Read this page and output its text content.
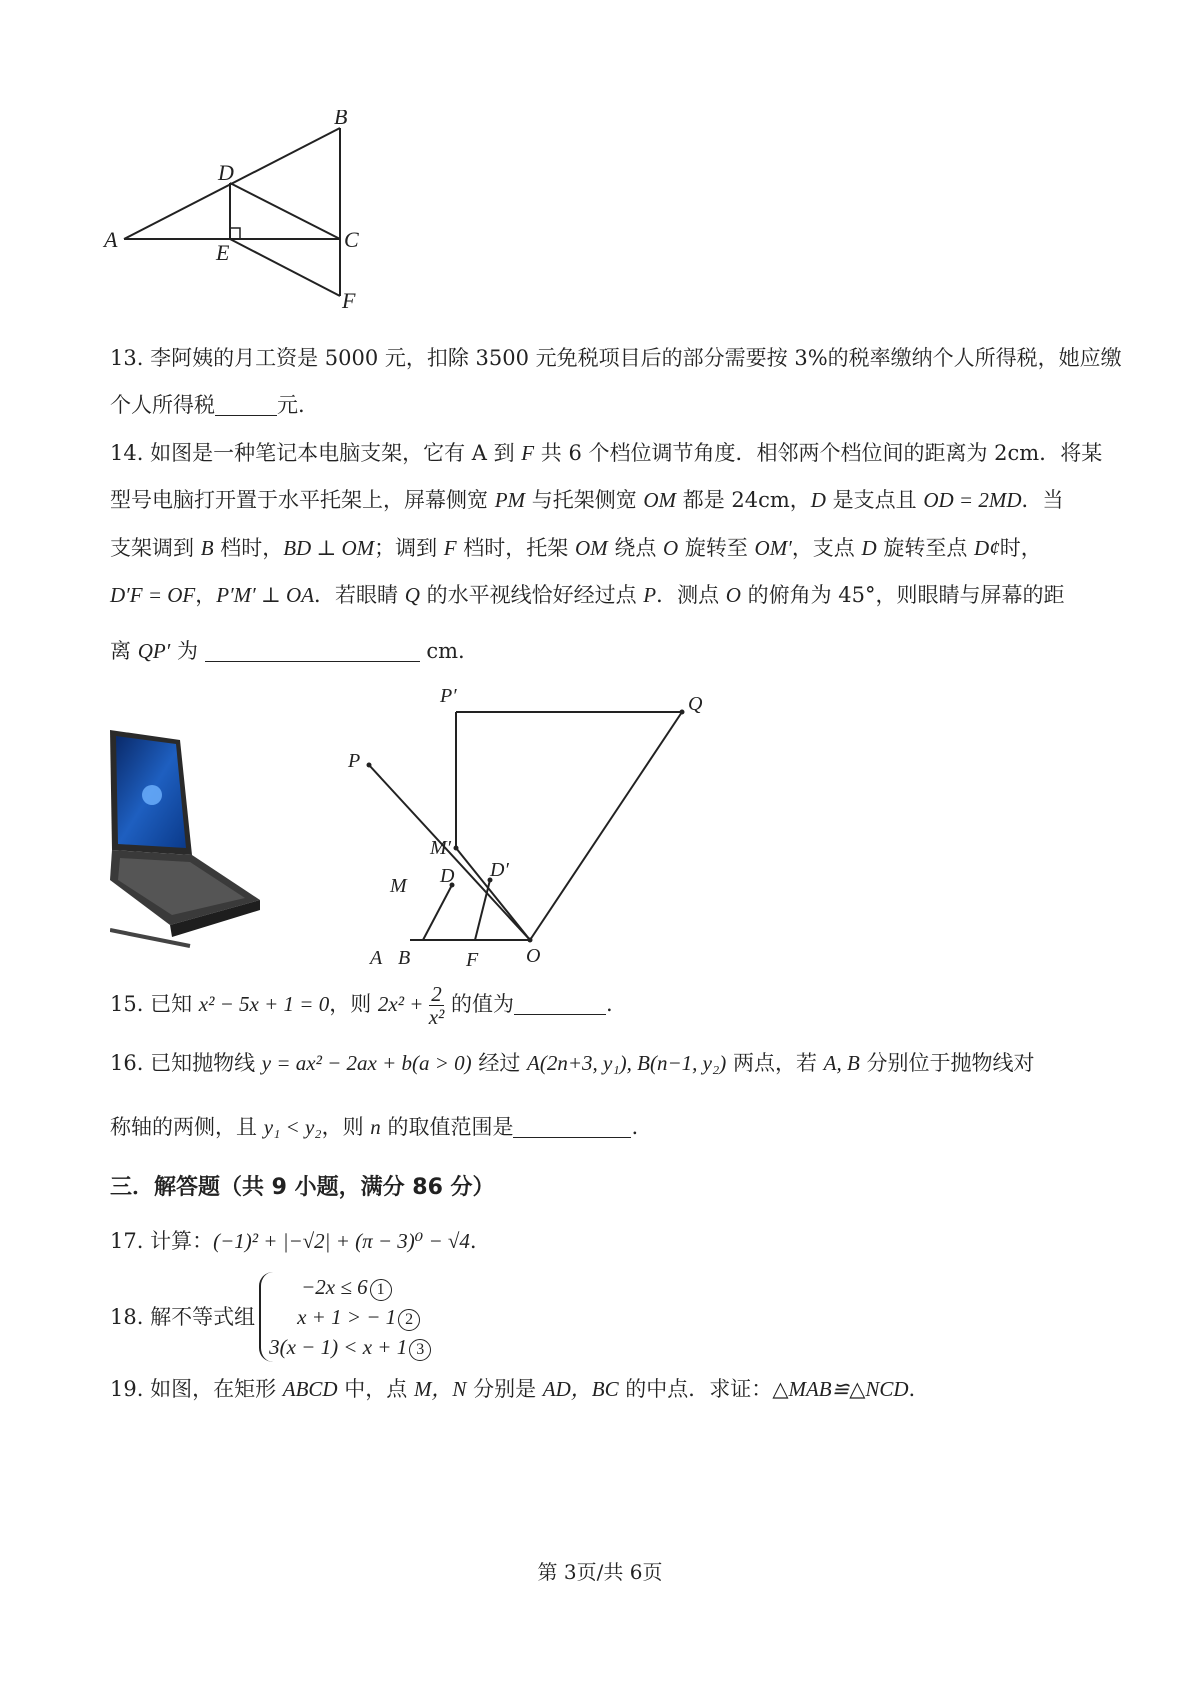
A
B
C
D
E
F
13. 李阿姨的月工资是 5000 元，扣除 3500 元免税项目后的部分需要按 3%的税率缴纳个人所得税，她应缴
个人所得税	元.
14. 如图是一种笔记本电脑支架，它有 A 到 F 共 6 个档位调节角度．相邻两个档位间的距离为 2cm．将某
型号电脑打开置于水平托架上，屏幕侧宽 PM 与托架侧宽 OM 都是 24cm，D 是支点且 OD = 2MD．当
支架调到 B 档时，BD ⊥ OM；调到 F 档时，托架 OM 绕点 O 旋转至 OM′，支点 D 旋转至点 D¢时，
D′F = OF，P′M′ ⊥ OA．若眼睛 Q 的水平视线恰好经过点 P．测点 O 的俯角为 45°，则眼睛与屏幕的距
离 QP′ 为	cm.
P′	Q
P
M′
M D D′
A B	F O
15. 已知 x² − 5x + 1 = 0，则 $2x^2 + \frac{2}{\text{x²}}$ 的值为	.
16. 已知抛物线 y = ax² − 2ax + b(a > 0) 经过 A(2n+3, y₁), B(n−1, y₂) 两点，若 A, B 分别位于抛物线对
称轴的两侧，且 y₁ < y₂，则 n 的取值范围是	.
三．解答题（共 9 小题，满分 86 分）
17. 计算：(−1)² + |−√2| + (π − 3)⁰ − √4.
18. 解不等式组
−2x ≤ 6 1
x + 1 > − 1 2
3(x − 1) < x + 1 3
19. 如图，在矩形 ABCD 中，点 M，N 分别是 AD，BC 的中点．求证：△MAB≌△NCD.
第 3页/共 6页
